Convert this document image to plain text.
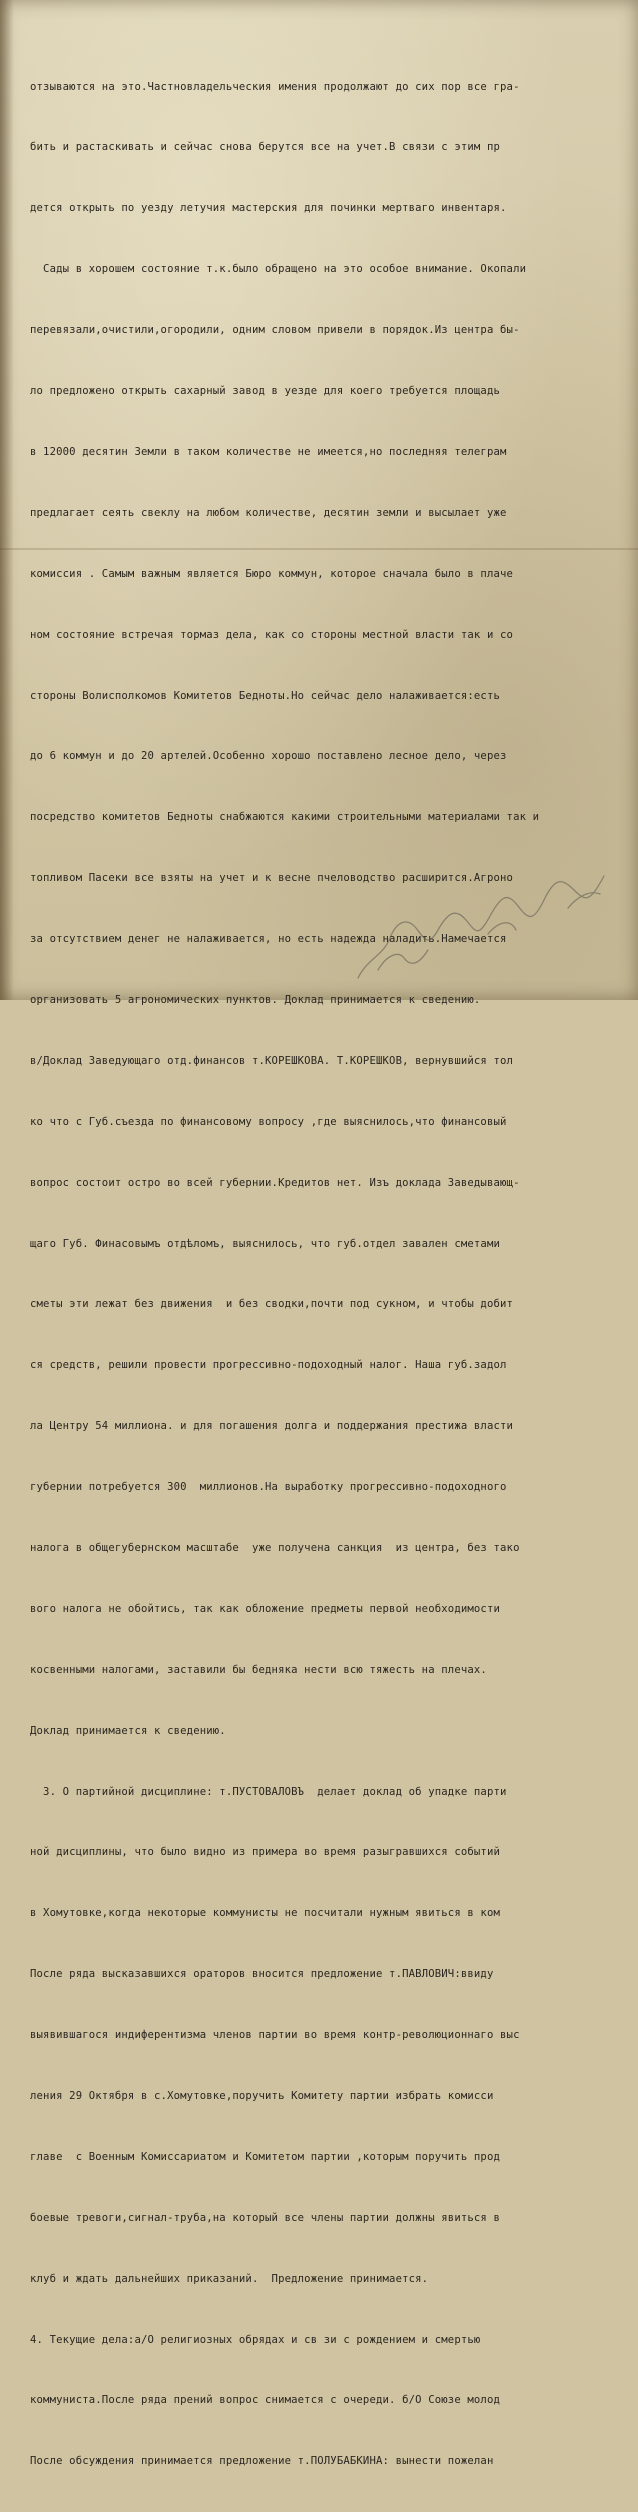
отзываются на это.Частновладельческия имения продолжают до сих пор все гра-

бить и растаскивать и сейчас снова берутся все на учет.В связи с этим пр

дется открыть по уезду летучия мастерския для починки мертваго инвентаря.

Сады в хорошем состояние т.к.было обращено на это особое внимание. Окопали

перевязали,очистили,огородили, одним словом привели в порядок.Из центра бы-

ло предложено открыть сахарный завод в уезде для коего требуется площадь

в 12000 десятин Земли в таком количестве не имеется,но последняя телеграм

предлагает сеять свеклу на любом количестве, десятин земли и высылает уже

комиссия . Самым важным является Бюро коммун, которое сначала было в плаче

ном состояние встречая тормаз дела, как со стороны местной власти так и со

стороны Волисполкомов Комитетов Бедноты.Но сейчас дело налаживается:есть

до 6 коммун и до 20 артелей.Особенно хорошо поставлено лесное дело, через

посредство комитетов Бедноты снабжаются какими строительными материалами так и

топливом Пасеки все взяты на учет и к весне пчеловодство расширится.Агроно

за отсутствием денег не налаживается, но есть надежда наладить.Намечается

организовать 5 агрономических пунктов. Доклад принимается к сведению.

в/Доклад Заведующаго отд.финансов т.КОРЕШКОВА. Т.КОРЕШКОВ, вернувшийся тол

ко что с Губ.съезда по финансовому вопросу ,где выяснилось,что финансовый

вопрос состоит остро во всей губернии.Кредитов нет. Изъ доклада Заведывающ-

щаго Губ. Финасовымъ отдѣломъ, выяснилось, что губ.отдел завален сметами

сметы эти лежат без движения  и без сводки,почти под сукном, и чтобы добит

ся средств, решили провести прогрессивно-подоходный налог. Наша губ.задол

ла Центру 54 миллиона. и для погашения долга и поддержания престижа власти

губернии потребуется 300  миллионов.На выработку прогрессивно-подоходного

налога в общегубернском масштабе  уже получена санкция  из центра, без тако

вого налога не обойтись, так как обложение предметы первой необходимости

косвенными налогами, заставили бы бедняка нести всю тяжесть на плечах.

Доклад принимается к сведению.

3. О партийной дисциплине: т.ПУСТОВАЛОВЪ  делает доклад об упадке парти

ной дисциплины, что было видно из примера во время разыгравшихся событий

в Хомутовке,когда некоторые коммунисты не посчитали нужным явиться в ком

После ряда высказавшихся ораторов вносится предложение т.ПАВЛОВИЧ:ввиду

выявившагося индиферентизма членов партии во время контр-революционнаго выс

ления 29 Октября в с.Хомутовке,поручить Комитету партии избрать комисси

главе  с Военным Комиссариатом и Комитетом партии ,которым поручить прод

боевые тревоги,сигнал-труба,на который все члены партии должны явиться в

клуб и ждать дальнейших приказаний.  Предложение принимается.

4. Текущие дела:а/О религиозных обрядах и св зи с рождением и смертью

коммуниста.После ряда прений вопрос снимается с очереди. б/О Союзе молод

После обсуждения принимается предложение т.ПОЛУБАБКИНА: вынести пожелан
